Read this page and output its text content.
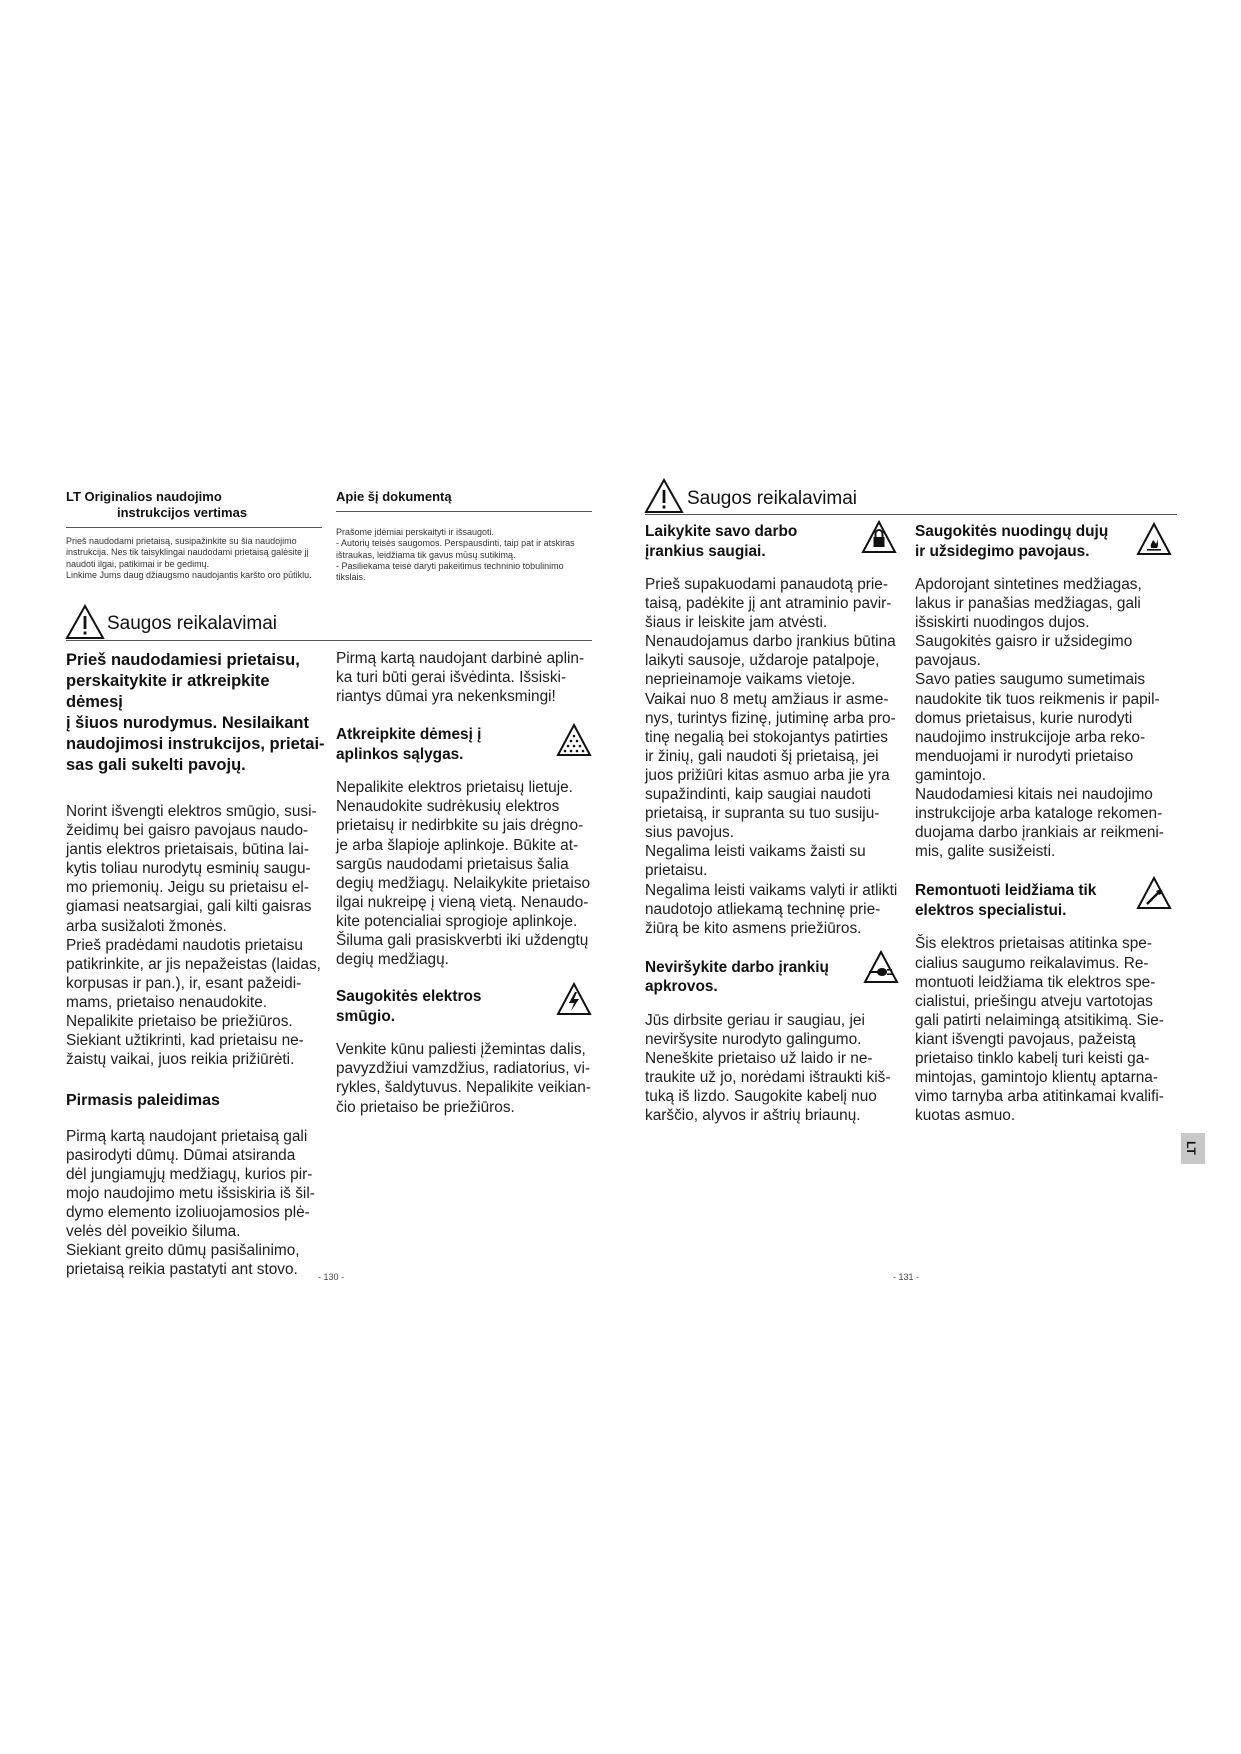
LT Originalios naudojimo
instrukcijos vertimas
Prieš naudodami prietaisą, susipažinkite su šia naudojimo instrukcija. Nes tik taisyklingai naudodami prietaisą galėsite jį naudoti ilgai, patikimai ir be gedimų.
Linkime Jums daug džiaugsmo naudojantis karšto oro pūtiklu.
Apie šį dokumentą
Prašome įdėmiai perskaityti ir išsaugoti.
- Autorių teisės saugomos. Perspausdinti, taip pat ir atskiras ištraukas, leidžiama tik gavus mūsų sutikimą.
- Pasiliekama teisė daryti pakeitimus techninio tobulinimo tikslais.
Saugos reikalavimai
Prieš naudodamiesi prietaisu,
perskaitykite ir atkreipkite dėmesį
į šiuos nurodymus. Nesilaikant
naudojimosi instrukcijos, prietai-
sas gali sukelti pavojų.
Norint išvengti elektros smūgio, susi-
žeidimų bei gaisro pavojaus naudo-
jantis elektros prietaisais, būtina lai-
kytis toliau nurodytų esminių saugu-
mo priemonių. Jeigu su prietaisu el-
giamasi neatsargiai, gali kilti gaisras
arba susižaloti žmonės.
Prieš pradėdami naudotis prietaisu
patikrinkite, ar jis nepažeistas (laidas,
korpusas ir pan.), ir, esant pažeidi-
mams, prietaiso nenaudokite.
Nepalikite prietaiso be priežiūros.
Siekiant užtikrinti, kad prietaisu ne-
žaistų vaikai, juos reikia prižiūrėti.
Pirmasis paleidimas
Pirmą kartą naudojant prietaisą gali
pasirodyti dūmų. Dūmai atsiranda
dėl jungiamųjų medžiagų, kurios pir-
mojo naudojimo metu išsiskiria iš šil-
dymo elemento izoliuojamosios plė-
velės dėl poveikio šiluma.
Siekiant greito dūmų pasišalinimo,
prietaisą reikia pastatyti ant stovo.
Pirmą kartą naudojant darbinė aplin-
ka turi būti gerai išvėdinta. Išsiski-
riantys dūmai yra nekenksmingi!
Atkreipkite dėmesį į
aplinkos sąlygas.
Nepalikite elektros prietaisų lietuje.
Nenaudokite sudrėkusių elektros
prietaisų ir nedirbkite su jais drėgno-
je arba šlapioje aplinkoje. Būkite at-
sargūs naudodami prietaisus šalia
degių medžiagų. Nelaikykite prietaiso
ilgai nukreipę į vieną vietą. Nenaudo-
kite potencialiai sprogioje aplinkoje.
Šiluma gali prasiskverbti iki uždengtų
degių medžiagų.
Saugokitės elektros
smūgio.
Venkite kūnu paliesti įžemintas dalis,
pavyzdžiui vamzdžius, radiatorius, vi-
rykles, šaldytuvus. Nepalikite veikian-
čio prietaiso be priežiūros.
- 130 -
Saugos reikalavimai
Laikykite savo darbo
įrankius saugiai.
Prieš supakuodami panaudotą prie-
taisą, padėkite jį ant atraminio pavir-
šiaus ir leiskite jam atvėsti.
Nenaudojamus darbo įrankius būtina
laikyti sausoje, uždaroje patalpoje,
neprieinamoje vaikams vietoje.
Vaikai nuo 8 metų amžiaus ir asme-
nys, turintys fizinę, jutiminę arba pro-
tinę negalią bei stokojantys patirties
ir žinių, gali naudoti šį prietaisą, jei
juos prižiūri kitas asmuo arba jie yra
supažindinti, kaip saugiai naudoti
prietaisą, ir supranta su tuo susiju-
sius pavojus.
Negalima leisti vaikams žaisti su
prietaisu.
Negalima leisti vaikams valyti ir atlikti
naudotojo atliekamą techninę prie-
žiūrą be kito asmens priežiūros.
Neviršykite darbo įrankių
apkrovos.
Jūs dirbsite geriau ir saugiau, jei
neviršysite nurodyto galingumo.
Neneškite prietaiso už laido ir ne-
traukite už jo, norėdami ištraukti kiš-
tuką iš lizdo. Saugokite kabelį nuo
karščio, alyvos ir aštrių briaunų.
Saugokitės nuodingų dujų
ir užsidegimo pavojaus.
Apdorojant sintetines medžiagas,
lakus ir panašias medžiagas, gali
išsiskirti nuodingos dujos.
Saugokitės gaisro ir užsidegimo
pavojaus.
Savo paties saugumo sumetimais
naudokite tik tuos reikmenis ir papil-
domus prietaisus, kurie nurodyti
naudojimo instrukcijoje arba reko-
menduojami ir nurodyti prietaiso
gamintojo.
Naudodamiesi kitais nei naudojimo
instrukcijoje arba kataloge rekomen-
duojama darbo įrankiais ar reikmeni-
mis, galite susižeisti.
Remontuoti leidžiama tik
elektros specialistui.
Šis elektros prietaisas atitinka spe-
cialius saugumo reikalavimus. Re-
montuoti leidžiama tik elektros spe-
cialistui, priešingu atveju vartotojas
gali patirti nelaimingą atsitikimą. Sie-
kiant išvengti pavojaus, pažeistą
prietaiso tinklo kabelį turi keisti ga-
mintojas, gamintojo klientų aptarna-
vimo tarnyba arba atitinkamai kvalifi-
kuotas asmuo.
- 131 -
LT
